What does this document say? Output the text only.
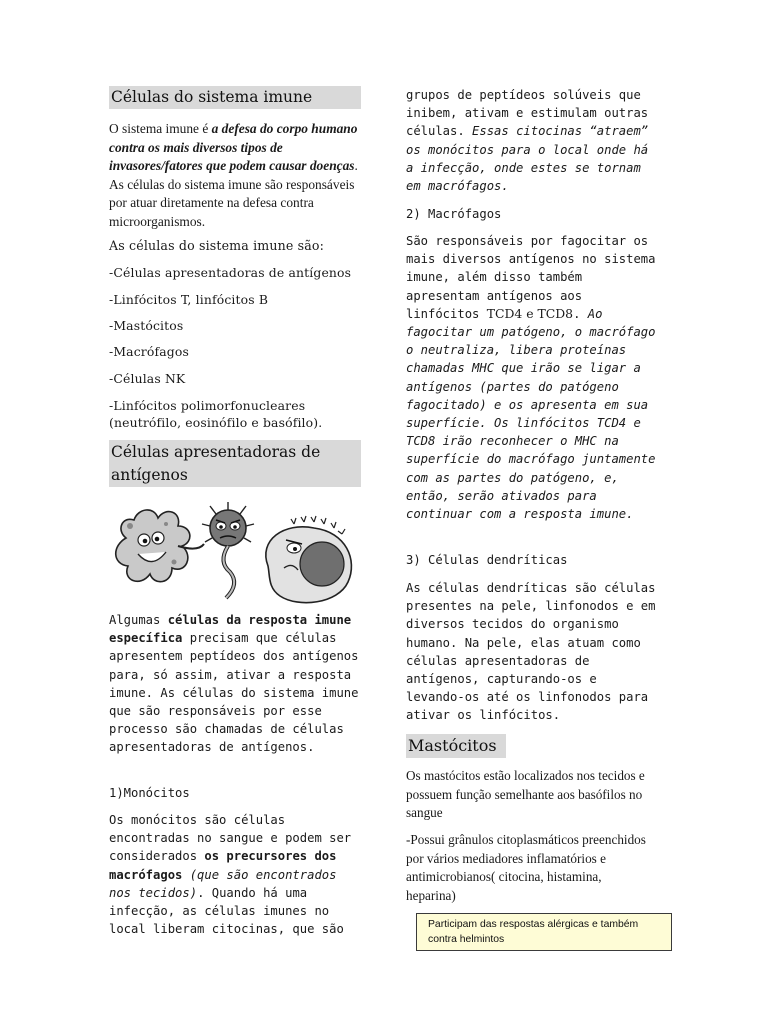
Células do sistema imune

O sistema imune é a defesa do corpo humano contra os mais diversos tipos de invasores/fatores que podem causar doenças. As células do sistema imune são responsáveis por atuar diretamente na defesa contra microorganismos.

As células do sistema imune são:

-Células apresentadoras de antígenos

-Linfócitos T, linfócitos B

-Mastócitos

-Macrófagos

-Células NK

-Linfócitos polimorfonucleares

(neutrófilo, eosinófilo e basófilo).

Células apresentadoras de
antígenos

Algumas células da resposta imune específica precisam que células apresentem peptídeos dos antígenos para, só assim, ativar a resposta imune. As células do sistema imune que são responsáveis por esse processo são chamadas de células apresentadoras de antígenos.

1)Monócitos

Os monócitos são células encontradas no sangue e podem ser considerados os precursores dos macrófagos (que são encontrados nos tecidos). Quando há uma infecção, as células imunes no local liberam citocinas, que são

grupos de peptídeos solúveis que inibem, ativam e estimulam outras células. Essas citocinas “atraem” os monócitos para o local onde há a infecção, onde estes se tornam em macrófagos.

2) Macrófagos

São responsáveis por fagocitar os mais diversos antígenos no sistema imune, além disso também apresentam antígenos aos linfócitos TCD4 e TCD8. Ao fagocitar um patógeno, o macrófago o neutraliza, libera proteínas chamadas MHC que irão se ligar a antígenos (partes do patógeno fagocitado) e os apresenta em sua superfície. Os linfócitos TCD4 e TCD8 irão reconhecer o MHC na superfície do macrófago juntamente com as partes do patógeno, e, então, serão ativados para continuar com a resposta imune.

3) Células dendríticas

As células dendríticas são células presentes na pele, linfonodos e em diversos tecidos do organismo humano. Na pele, elas atuam como células apresentadoras de antígenos, capturando-os e levando-os até os linfonodos para ativar os linfócitos.

Mastócitos

Os mastócitos estão localizados nos tecidos e possuem função semelhante aos basófilos no sangue

-Possui grânulos citoplasmáticos preenchidos por vários mediadores inflamatórios e antimicrobianos( citocina, histamina, heparina)

Participam das respostas alérgicas e também contra helmintos
